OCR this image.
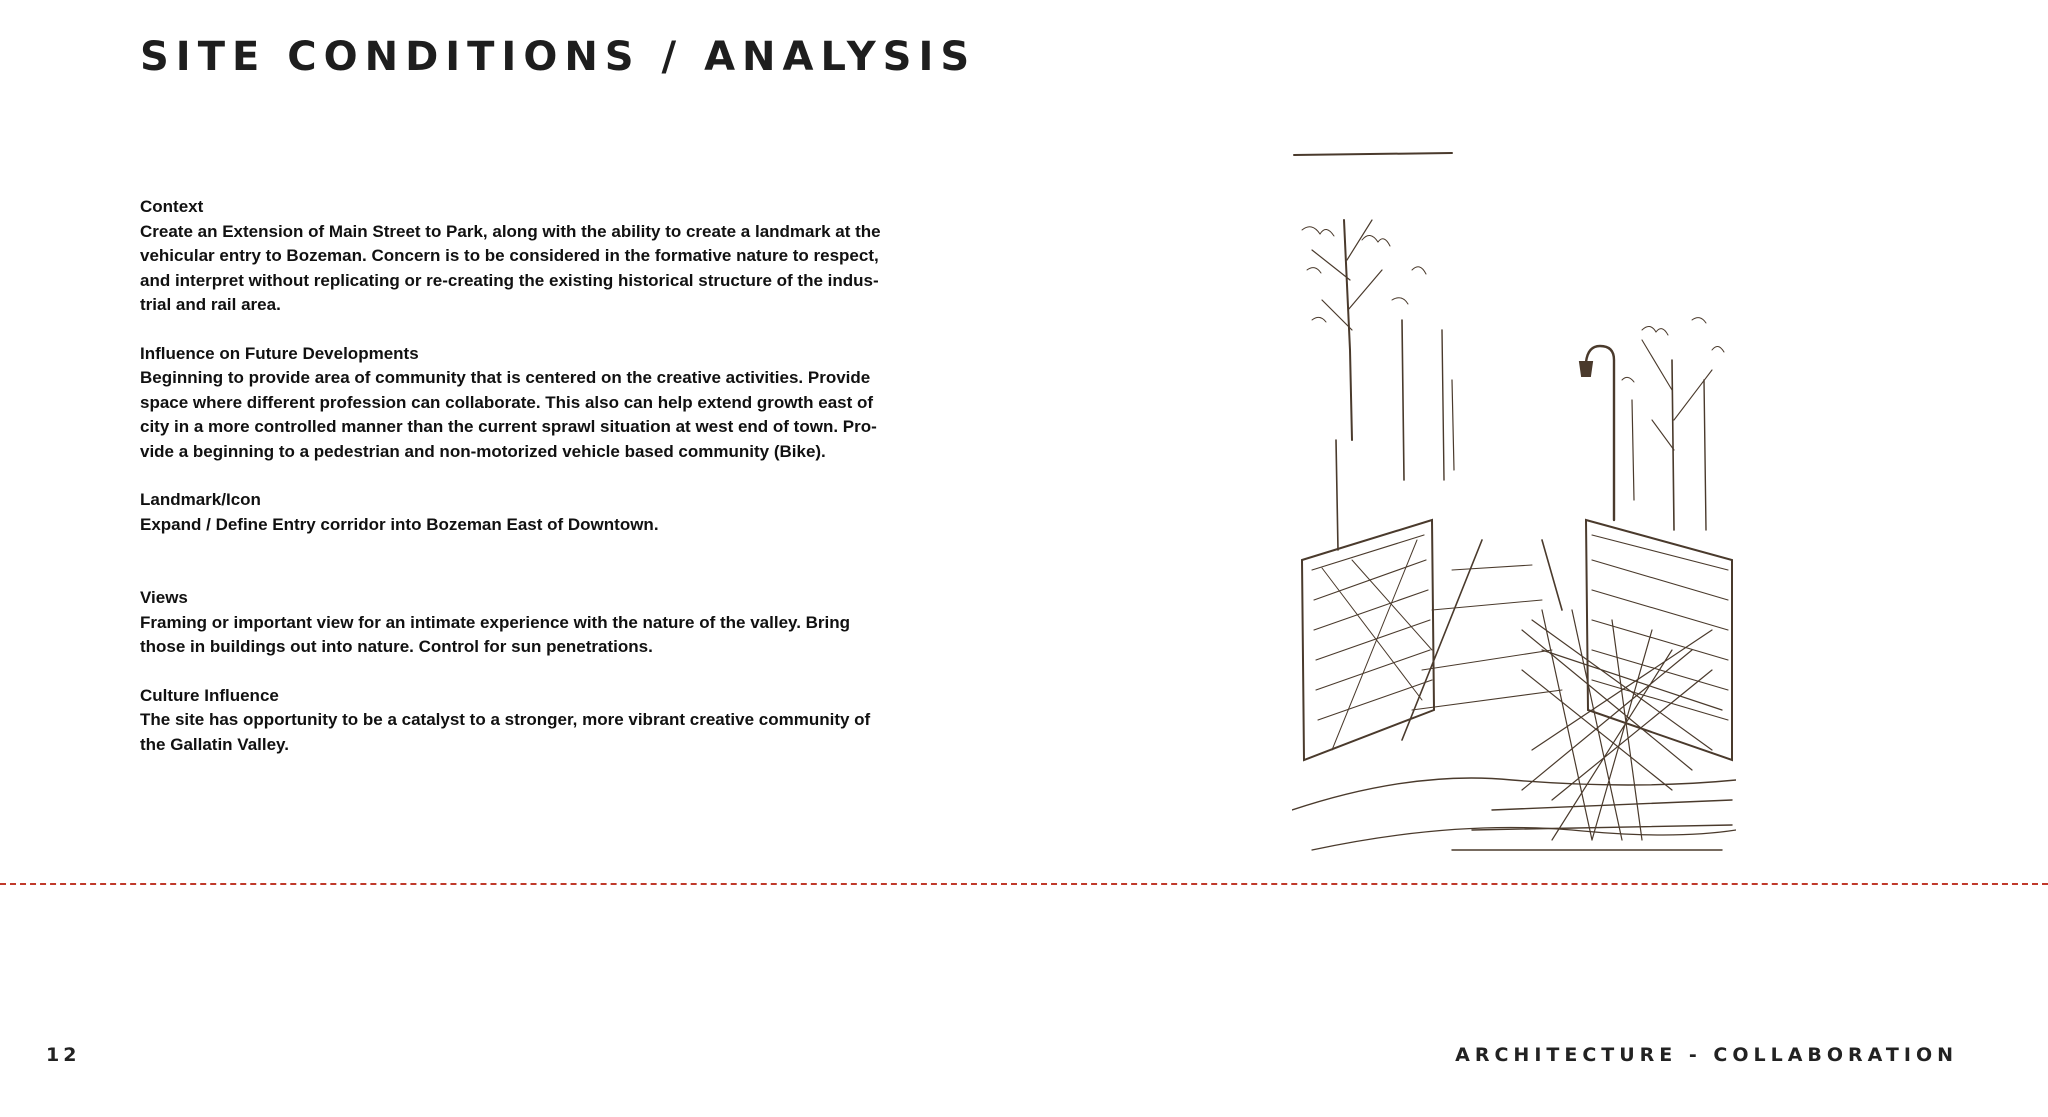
SITE CONDITIONS / ANALYSIS

Context

Create an Extension of Main Street to Park, along with the ability to create a landmark at the
vehicular entry to Bozeman. Concern is to be considered in the formative nature to respect,
and interpret without replicating or re-creating the existing historical structure of the indus-
trial and rail area.

Influence on Future Developments

Beginning to provide area of community that is centered on the creative activities. Provide
space where different profession can collaborate. This also can help extend growth east of
city in a more controlled manner than the current sprawl situation at west end of town. Pro-
vide a beginning to a pedestrian and non-motorized vehicle based community (Bike).

Landmark/Icon

Expand / Define Entry corridor into Bozeman East of Downtown.

Views

Framing or important view for an intimate experience with the nature of the valley. Bring
those in buildings out into nature. Control for sun penetrations.

Culture Influence

The site has opportunity to be a catalyst to a stronger, more vibrant creative community of
the Gallatin Valley.

12	ARCHITECTURE - COLLABORATION
